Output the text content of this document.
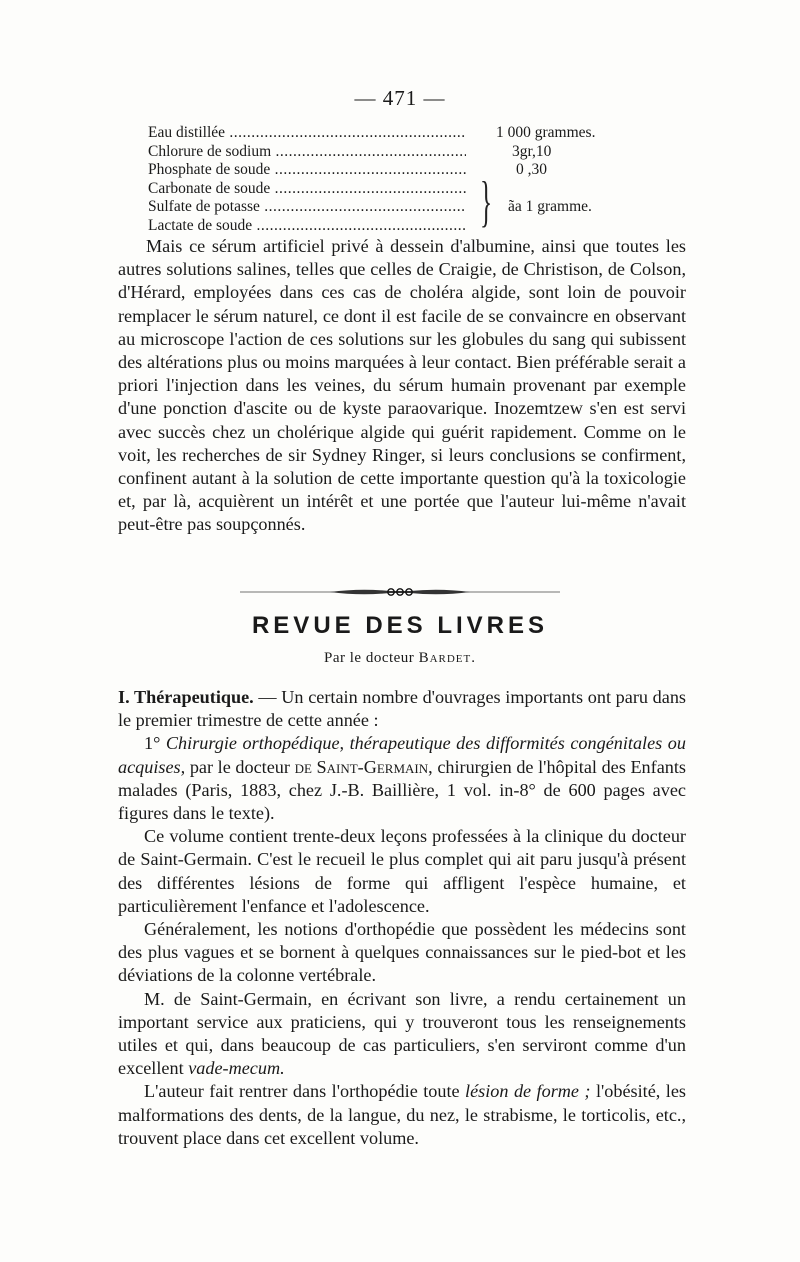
— 471 —
Eau distillée .....	1 000 grammes.
Chlorure de sodium .....	3gr,10
Phosphate de soude .....	0 ,30
Carbonate de soude .....
Sulfate de potasse .....
Lactate de soude .....	} ãa 1 gramme.

Mais ce sérum artificiel privé à dessein d'albumine, ainsi que toutes les autres solutions salines, telles que celles de Craigie, de Christison, de Colson, d'Hérard, employées dans ces cas de choléra algide, sont loin de pouvoir remplacer le sérum naturel, ce dont il est facile de se convaincre en observant au microscope l'action de ces solutions sur les globules du sang qui subissent des altérations plus ou moins marquées à leur contact. Bien préférable serait a priori l'injection dans les veines, du sérum humain provenant par exemple d'une ponction d'ascite ou de kyste paraovarique. Inozemtzew s'en est servi avec succès chez un cholérique algide qui guérit rapidement. Comme on le voit, les recherches de sir Sydney Ringer, si leurs conclusions se confirment, confinent autant à la solution de cette importante question qu'à la toxicologie et, par là, acquièrent un intérêt et une portée que l'auteur lui-même n'avait peut-être pas soupçonnés.

REVUE DES LIVRES
Par le docteur Bardet.

I. Thérapeutique. — Un certain nombre d'ouvrages importants ont paru dans le premier trimestre de cette année :

1° Chirurgie orthopédique, thérapeutique des difformités congénitales ou acquises, par le docteur de Saint-Germain, chirurgien de l'hôpital des Enfants malades (Paris, 1883, chez J.-B. Baillière, 1 vol. in-8° de 600 pages avec figures dans le texte).

Ce volume contient trente-deux leçons professées à la clinique du docteur de Saint-Germain. C'est le recueil le plus complet qui ait paru jusqu'à présent des différentes lésions de forme qui affligent l'espèce humaine, et particulièrement l'enfance et l'adolescence.

Généralement, les notions d'orthopédie que possèdent les médecins sont des plus vagues et se bornent à quelques connaissances sur le pied-bot et les déviations de la colonne vertébrale.

M. de Saint-Germain, en écrivant son livre, a rendu certainement un important service aux praticiens, qui y trouveront tous les renseignements utiles et qui, dans beaucoup de cas particuliers, s'en serviront comme d'un excellent vade-mecum.

L'auteur fait rentrer dans l'orthopédie toute lésion de forme ; l'obésité, les malformations des dents, de la langue, du nez, le strabisme, le torticolis, etc., trouvent place dans cet excellent volume.
